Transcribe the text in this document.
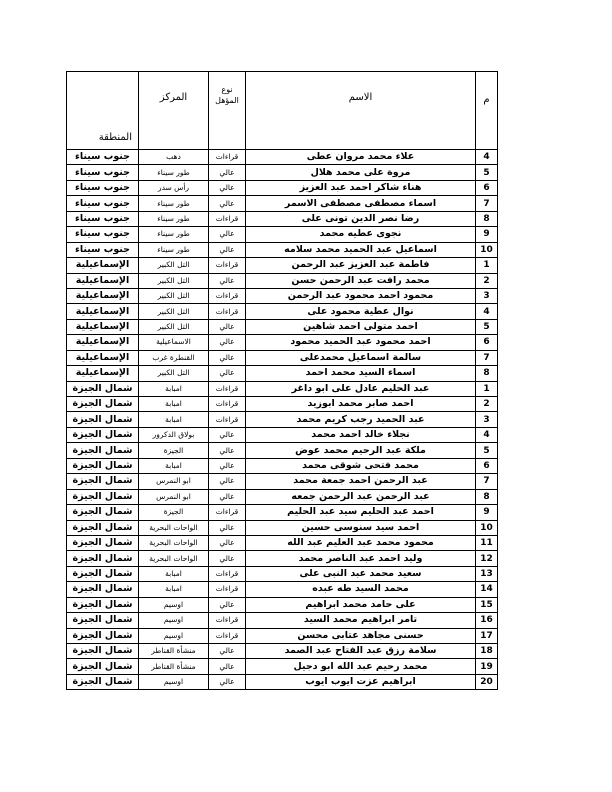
المنطقة	المركز	نوع المؤهل	الاسم	م
جنوب سيناء	دهب	قراءات	علاء محمد مروان عطى	4
جنوب سيناء	طور سيناء	عالي	مروة على محمد هلال	5
جنوب سيناء	رأس سدر	عالي	هناء شاكر احمد عبد العزيز	6
جنوب سيناء	طور سيناء	عالي	اسماء مصطفى مصطفى الاسمر	7
جنوب سيناء	طور سيناء	قراءات	رضا نصر الدين تونى على	8
جنوب سيناء	طور سيناء	عالي	نجوى عطيه محمد	9
جنوب سيناء	طور سيناء	عالي	اسماعيل عبد الحميد محمد سلامه	10
الإسماعيلية	التل الكبير	قراءات	فاطمة عبد العزيز عبد الرحمن	1
الإسماعيلية	التل الكبير	عالي	محمد رافت عبد الرحمن حسن	2
الإسماعيلية	التل الكبير	قراءات	محمود احمد محمود عبد الرحمن	3
الإسماعيلية	التل الكبير	قراءات	نوال عطية محمود على	4
الإسماعيلية	التل الكبير	عالي	احمد متولى احمد شاهين	5
الإسماعيلية	الاسماعيلية	عالي	احمد محمود عبد الحميد محمود	6
الإسماعيلية	القنطرة غرب	عالي	سالمة اسماعيل محمدعلى	7
الإسماعيلية	التل الكبير	عالي	اسماء السيد محمد احمد	8
شمال الجيزة	امبابة	قراءات	عبد الحليم عادل على ابو داغر	1
شمال الجيزة	امبابة	قراءات	احمد صابر محمد ابوزيد	2
شمال الجيزة	امبابة	قراءات	عبد الحميد رجب كريم محمد	3
شمال الجيزة	بولاق الدكرور	عالي	نجلاء خالد احمد محمد	4
شمال الجيزة	الجيزة	عالي	ملكة عبد الرحيم محمد عوض	5
شمال الجيزة	امبابة	عالي	محمد فتحى شوقى محمد	6
شمال الجيزة	ابو النمرس	عالي	عبد الرحمن احمد جمعة محمد	7
شمال الجيزة	ابو النمرس	عالي	عبد الرحمن عبد الرحمن جمعه	8
شمال الجيزة	الجيزة	قراءات	احمد عبد الحليم سيد عبد الحليم	9
شمال الجيزة	الواحات البحرية	عالي	احمد سيد سنوسى حسين	10
شمال الجيزة	الواحات البحرية	عالي	محمود محمد عبد العليم عبد الله	11
شمال الجيزة	الواحات البحرية	عالي	وليد احمد عبد الناصر محمد	12
شمال الجيزة	امبابة	قراءات	سعيد محمد عبد النبى على	13
شمال الجيزة	امبابة	قراءات	محمد السيد طه عبده	14
شمال الجيزة	اوسيم	عالي	على حامد محمد ابراهيم	15
شمال الجيزة	اوسيم	قراءات	تامر ابراهيم محمد السيد	16
شمال الجيزة	اوسيم	قراءات	حسنى مجاهد عتابى محسن	17
شمال الجيزة	منشأة القناطر	عالي	سلامة رزق عبد الفتاح عبد الصمد	18
شمال الجيزة	منشأة القناطر	عالي	محمد رحيم عبد الله ابو دجيل	19
شمال الجيزة	اوسيم	عالي	ابراهيم عزت ايوب ايوب	20
